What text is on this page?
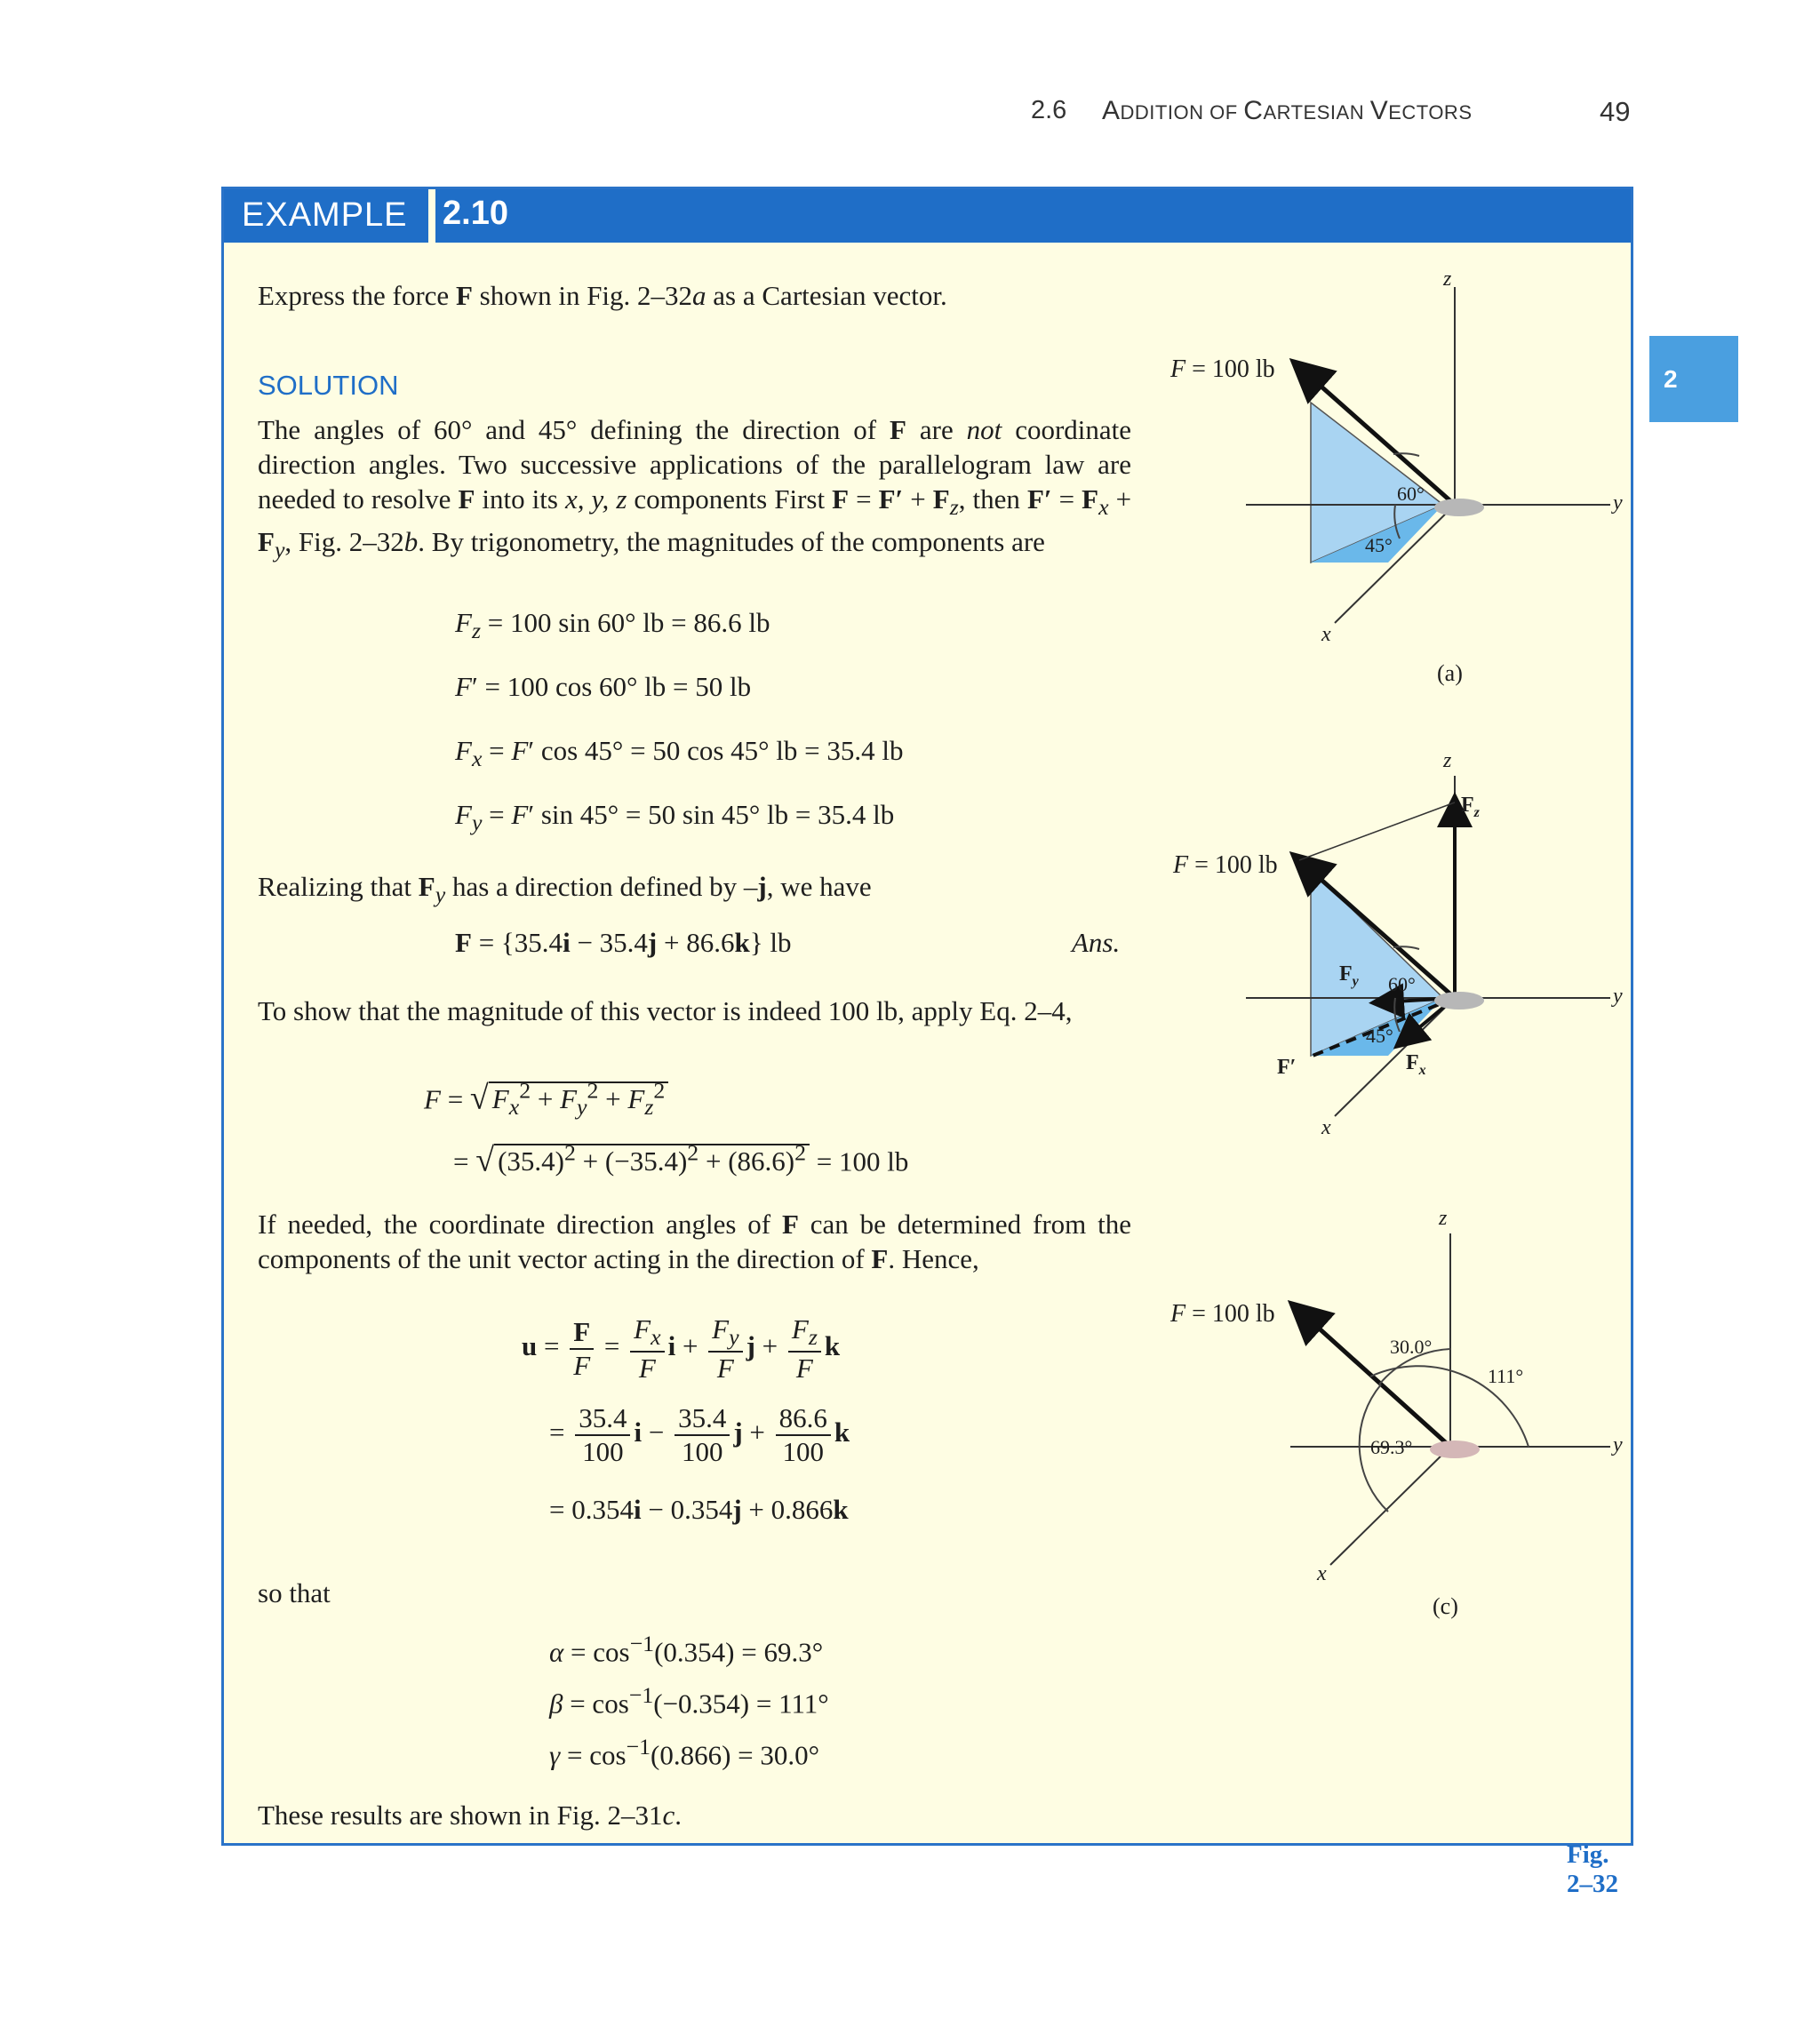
2.6 ADDITION OF CARTESIAN VECTORS	49
2
EXAMPLE 2.10
Express the force F shown in Fig. 2–32a as a Cartesian vector.
SOLUTION
The angles of 60° and 45° defining the direction of F are not coordinate direction angles. Two successive applications of the parallelogram law are needed to resolve F into its x, y, z components First $F = F' + F_z$, then $F' = F_x + F_y$, Fig. 2–32b. By trigonometry, the magnitudes of the components are
$F_z = 100$ sin 60° lb = 86.6 lb
F′ = 100 cos 60° lb = 50 lb
$F_x = F'$ cos 45° = 50 cos 45° lb = 35.4 lb
$F_y = F'$ sin 45° = 50 sin 45° lb = 35.4 lb
Realizing that $F_y$ has a direction defined by –j, we have
F = {35.4i − 35.4j + 86.6k} lb	Ans.
To show that the magnitude of this vector is indeed 100 lb, apply Eq. 2–4,
F = √ $F_x^2 + F_y^2 + F_z^2$
= √ $(35.4)^2 + (-35.4)^2 + (86.6)^2 = 100$ lb
If needed, the coordinate direction angles of F can be determined from the components of the unit vector acting in the direction of F. Hence,
$u = \frac{F}{F} = \frac{F_x}{F}$ $i + \frac{F_y}{F}$ $j + \frac{F_z}{F}$ k
= $\frac{35.4}{100}$ $i - \frac{35.4}{100}$ $j + \frac{86.6}{100}$ k
= 0.354i − 0.354j + 0.866k
so that
$\alpha = \cos^{-1}(0.354) = 69.3^\circ$
$\beta = \cos^{-1}(-0.354) = 111^\circ$
$\gamma = \cos^{-1}(0.866) = 30.0^\circ$
These results are shown in Fig. 2–31c.
F = 100 lb
z
y
x
60°
45°
(a)
F = 100 lb
z
y
x
$F_z$
$F_y$
$F_x$
F′
60°
45°
F = 100 lb
z
y
x
30.0°
111°
69.3°
(c)
Fig. 2–32
